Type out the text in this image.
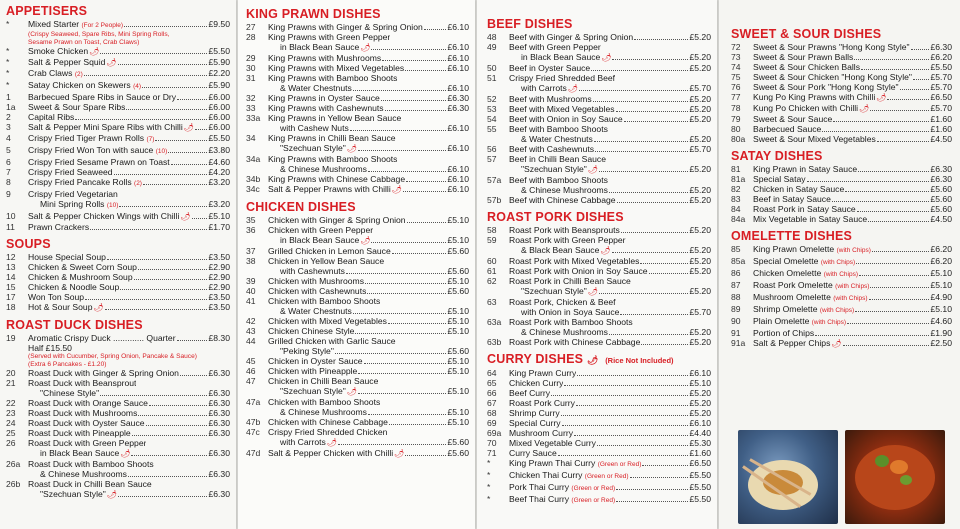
APPETISERS
*	Mixed Starter (For 2 People)	£9.50
(Crispy Seaweed, Spare Ribs, Mini Spring Rolls,
Sesame Prawn on Toast, Crab Claws)
*	Smoke Chicken🌶	£5.50
*	Salt & Pepper Squid🌶	£5.90
*	Crab Claws (2)	£2.20
*	Satay Chicken on Skewers (4)	£5.90
1	Barbecued Spare Ribs in Sauce or Dry	£6.00
1a	Sweet & Sour Spare Ribs	£6.00
2	Capital Ribs	£6.00
3	Salt & Pepper Mini Spare Ribs with Chilli🌶 £6.00
4	Crispy Fried Tiger Prawn Rolls (7)	£5.50
5	Crispy Fried Won Ton with sauce (10)	£3.80
6	Crispy Fried Sesame Prawn on Toast	£4.60
7	Crispy Fried Seaweed	£4.20
8	Crispy Fried Pancake Rolls (2)	£3.20
9	Crispy Fried Vegetarian
Mini Spring Rolls (10)	£3.20
10	Salt & Pepper Chicken Wings with Chilli🌶 £5.10
11	Prawn Crackers	£1.70
SOUPS
12	House Special Soup	£3.50
13	Chicken & Sweet Corn Soup	£2.90
14	Chicken & Mushroom Soup	£2.90
15	Chicken & Noodle Soup	£2.90
17	Won Ton Soup	£3.50
18	Hot & Sour Soup🌶	£3.50
ROAST DUCK DISHES
19	Aromatic Crispy Duck ............. Quarter	£8.30
Half £15.50
(Served with Cucumber, Spring Onion, Pancake & Sauce)
(Extra 6 Pancakes - £1.20)
20	Roast Duck with Ginger & Spring Onion	£6.30
21	Roast Duck with Beansprout
"Chinese Style"	£6.30
22	Roast Duck with Orange Sauce	£6.30
23	Roast Duck with Mushrooms	£6.30
24	Roast Duck with Oyster Sauce	£6.30
25	Roast Duck with Pineapple	£6.30
26	Roast Duck with Green Pepper
in Black Bean Sauce🌶	£6.30
26a Roast Duck with Bamboo Shoots
& Chinese Mushrooms	£6.30
26b Roast Duck in Chilli Bean Sauce
"Szechuan Style"🌶	£6.30
KING PRAWN DISHES
27	King Prawns with Ginger & Spring Onion	£6.10
28	King Prawns with Green Pepper
in Black Bean Sauce🌶	£6.10
29	King Prawns with Mushrooms	£6.10
30	King Prawns with Mixed Vegetables	£6.10
31	King Prawns with Bamboo Shoots
& Water Chestnuts	£6.10
32	King Prawns in Oyster Sauce	£6.30
33	King Prawns with Cashewnuts	£6.30
33a King Prawns in Yellow Bean Sauce
with Cashew Nuts	£6.10
34	King Prawns in Chilli Bean Sauce
"Szechuan Style"🌶	£6.10
34a King Prawns with Bamboo Shoots
& Chinese Mushrooms	£6.10
34b King Prawns with Chinese Cabbage	£6.10
34c Salt & Pepper Prawns with Chilli🌶	£6.10
CHICKEN DISHES
35	Chicken with Ginger & Spring Onion	£5.10
36	Chicken with Green Pepper
in Black Bean Sauce🌶	£5.10
37	Grilled Chicken in Lemon Sauce	£5.60
38	Chicken in Yellow Bean Sauce
with Cashewnuts	£5.60
39	Chicken with Mushrooms	£5.10
40	Chicken with Cashewnuts	£5.60
41	Chicken with Bamboo Shoots
& Water Chestnuts	£5.10
42	Chicken with Mixed Vegetables	£5.10
43	Chicken Chinese Style	£5.10
44	Grilled Chicken with Garlic Sauce
"Peking Style"	£5.60
45	Chicken in Oyster Sauce	£5.10
46	Chicken with Pineapple	£5.10
47	Chicken in Chilli Bean Sauce
"Szechuan Style"🌶	£5.10
47a Chicken with Bamboo Shoots
& Chinese Mushrooms	£5.10
47b Chicken with Chinese Cabbage	£5.10
47c Crispy Fried Shredded Chicken
with Carrots🌶	£5.60
47d Salt & Pepper Chicken with Chilli🌶	£5.60
BEEF DISHES
48	Beef with Ginger & Spring Onion	£5.20
49	Beef with Green Pepper
in Black Bean Sauce🌶	£5.20
50	Beef in Oyster Sauce	£5.20
51	Crispy Fried Shredded Beef
with Carrots🌶	£5.70
52	Beef with Mushrooms	£5.20
53	Beef with Mixed Vegetables	£5.20
54	Beef with Onion in Soy Sauce	£5.20
55	Beef with Bamboo Shoots
& Water Chestnuts	£5.20
56	Beef with Cashewnuts	£5.70
57	Beef in Chilli Bean Sauce
"Szechuan Style"🌶	£5.20
57a Beef with Bamboo Shoots
& Chinese Mushrooms	£5.20
57b Beef with Chinese Cabbage	£5.20
ROAST PORK DISHES
58	Roast Pork with Beansprouts	£5.20
59	Roast Pork with Green Pepper
& Black Bean Sauce🌶	£5.20
60	Roast Pork with Mixed Vegetables	£5.20
61	Roast Pork with Onion in Soy Sauce	£5.20
62	Roast Pork in Chilli Bean Sauce
"Szechuan Style"🌶	£5.20
63	Roast Pork, Chicken & Beef
with Onion in Soya Sauce	£5.70
63a Roast Pork with Bamboo Shoots
& Chinese Mushrooms	£5.20
63b Roast Pork with Chinese Cabbage	£5.20
CURRY DISHES 🌶 (Rice Not Included)
64	King Prawn Curry	£6.10
65	Chicken Curry	£5.10
66	Beef Curry	£5.20
67	Roast Pork Curry	£5.20
68	Shrimp Curry	£5.20
69	Special Curry	£6.10
69a Mushroom Curry	£4.40
70	Mixed Vegetable Curry	£5.30
71	Curry Sauce	£1.60
*	King Prawn Thai Curry (Green or Red)	£6.50
*	Chicken Thai Curry (Green or Red)	£5.50
*	Pork Thai Curry (Green or Red)	£5.50
*	Beef Thai Curry (Green or Red)	£5.50
SWEET & SOUR DISHES
72	Sweet & Sour Prawns "Hong Kong Style" £6.30
73	Sweet & Sour Prawn Balls	£6.20
74	Sweet & Sour Chicken Balls	£5.50
75	Sweet & Sour Chicken "Hong Kong Style" £5.70
76	Sweet & Sour Pork "Hong Kong Style"	£5.70
77	Kung Po King Prawns with Chilli🌶	£6.50
78	Kung Po Chicken with Chilli🌶	£5.70
79	Sweet & Sour Sauce	£1.60
80	Barbecued Sauce	£1.60
80a Sweet & Sour Mixed Vegetables	£4.50
SATAY DISHES
81	King Prawn in Satay Sauce	£6.30
81a Special Satay	£6.30
82	Chicken in Satay Sauce	£5.60
83	Beef in Satay Sauce	£5.60
84	Roast Pork in Satay Sauce	£5.60
84a Mix Vegetable in Satay Sauce	£4.50
OMELETTE DISHES
85	King Prawn Omelette (with Chips)	£6.20
85a Special Omelette (with Chips)	£6.20
86	Chicken Omelette (with Chips)	£5.10
87	Roast Pork Omelette (with Chips)	£5.10
88	Mushroom Omelette (with Chips)	£4.90
89	Shrimp Omelette (with Chips)	£5.10
90	Plain Omelette (with Chips)	£4.60
91	Portion of Chips	£1.90
91a Salt & Pepper Chips🌶	£2.50
